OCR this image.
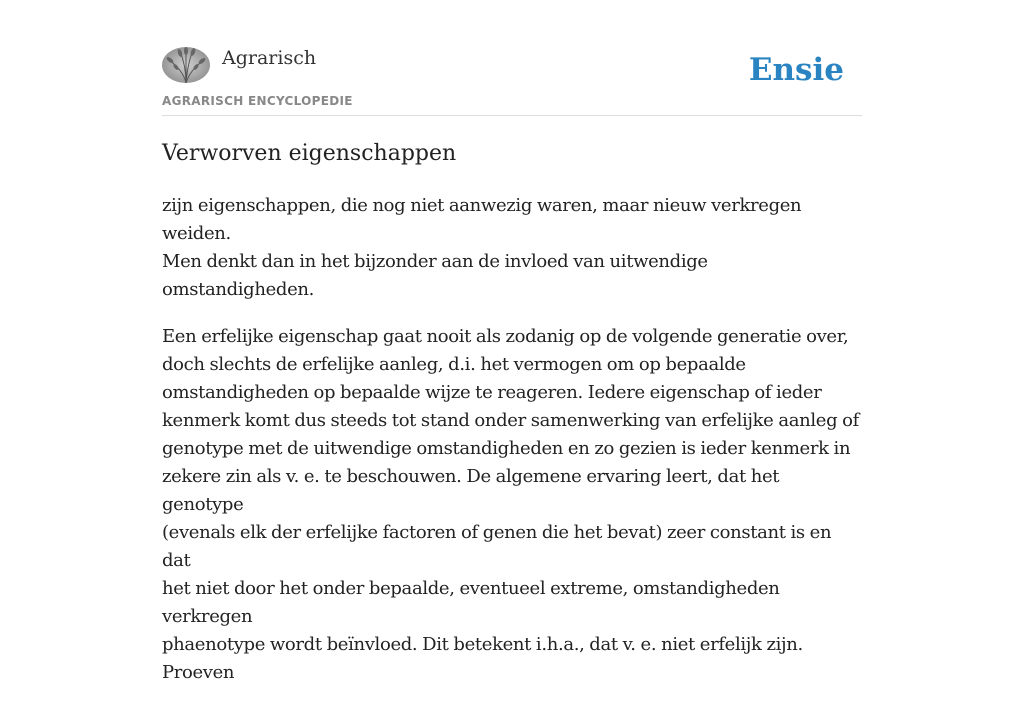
Agrarisch
AGRARISCH ENCYCLOPEDIE
Ensie
Verworven eigenschappen

zijn eigenschappen, die nog niet aanwezig waren, maar nieuw verkregen weiden.
Men denkt dan in het bijzonder aan de invloed van uitwendige omstandigheden.

Een erfelijke eigenschap gaat nooit als zodanig op de volgende generatie over,
doch slechts de erfelijke aanleg, d.i. het vermogen om op bepaalde
omstandigheden op bepaalde wijze te reageren. Iedere eigenschap of ieder
kenmerk komt dus steeds tot stand onder samenwerking van erfelijke aanleg of
genotype met de uitwendige omstandigheden en zo gezien is ieder kenmerk in
zekere zin als v. e. te beschouwen. De algemene ervaring leert, dat het genotype
(evenals elk der erfelijke factoren of genen die het bevat) zeer constant is en dat
het niet door het onder bepaalde, eventueel extreme, omstandigheden verkregen
phaenotype wordt beïnvloed. Dit betekent i.h.a., dat v. e. niet erfelijk zijn. Proeven
